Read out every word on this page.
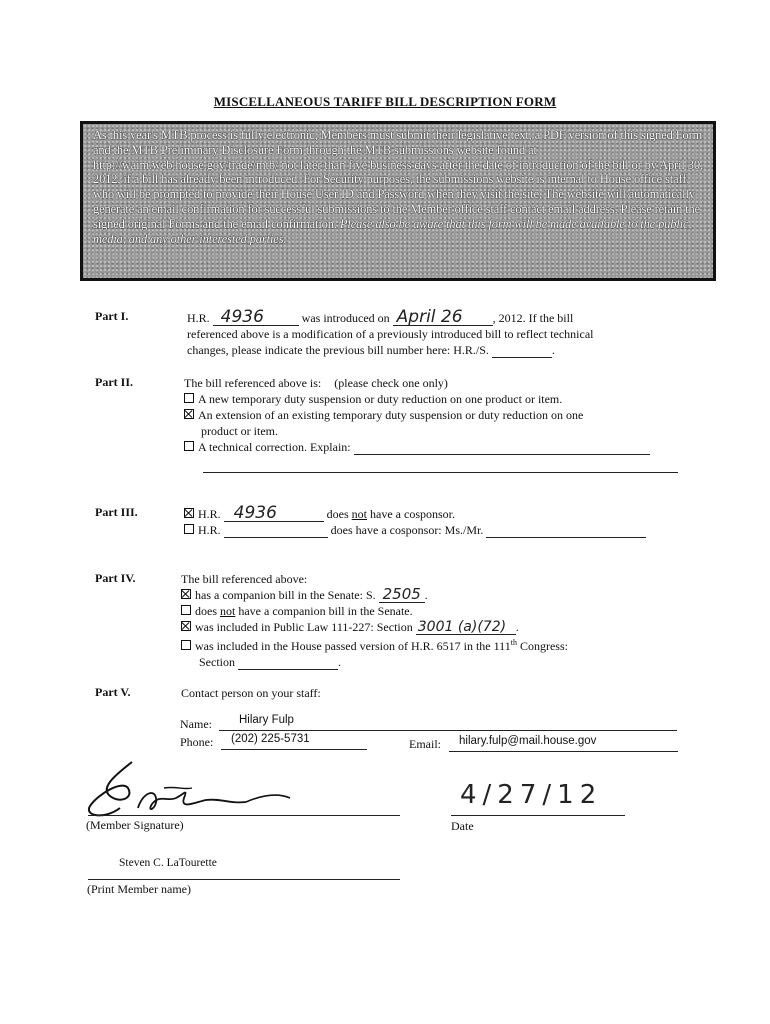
MISCELLANEOUS TARIFF BILL DESCRIPTION FORM

As this year's MTB process is fully electronic, Members must submit their legislative text, a PDF version of this signed Form and the MTB Preliminary Disclosure Form through the MTB submissions website found at http://waim.web.house.gov/trade/mtb/ not later than five business days after the date of introduction of the bill or by April 30, 2012, if a bill has already been introduced. For Security purposes, the submissions website is internal to House office staff, who will be prompted to provide their House User ID and Password when they visit the site. The website will automatically generate an email confirmation for successful submissions to the Member office staff contact email address. Please retain the signed original Forms and the email confirmation. Please also be aware that this form will be made available to the public, media, and any other interested parties.

Part I.	H.R. 4936	was introduced on April 26	, 2012. If the bill
referenced above is a modification of a previously introduced bill to reflect technical
changes, please indicate the previous bill number here: H.R./S.	.
Part II.	The bill referenced above is: (please check one only)
A new temporary duty suspension or duty reduction on one product or item.
An extension of an existing temporary duty suspension or duty reduction on one
product or item.
A technical correction. Explain:
Part III.	H.R. 4936	does not have a cosponsor.
H.R.	does have a cosponsor: Ms./Mr.
Part IV.	The bill referenced above:
has a companion bill in the Senate: S. 2505 .
does not have a companion bill in the Senate.
was included in Public Law 111-227: Section 3001 (a)(72) .
was included in the House passed version of H.R. 6517 in the 111th Congress:
Section	.
Part V.	Contact person on your staff:
Name:	Hilary Fulp
Phone:	(202) 225-5731	Email:	hilary.fulp@mail.house.gov
(Member Signature)
4/27/12
Date
Steven C. LaTourette
(Print Member name)
